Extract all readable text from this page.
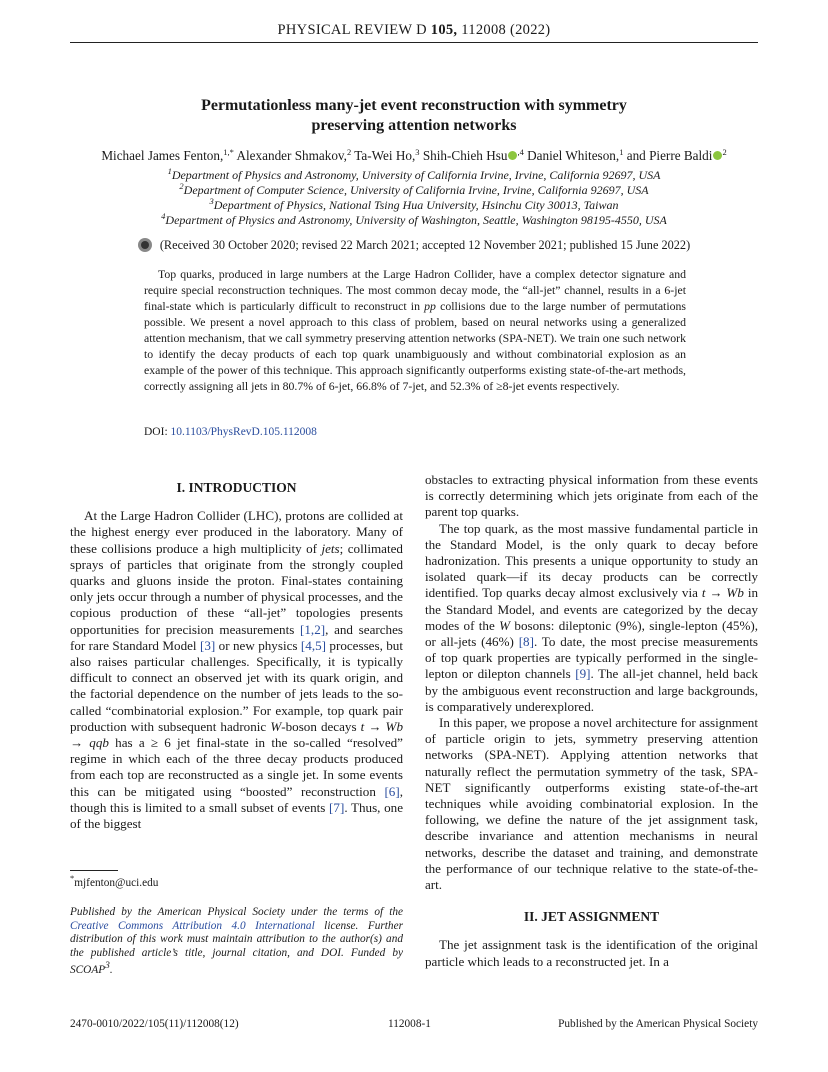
PHYSICAL REVIEW D 105, 112008 (2022)
Permutationless many-jet event reconstruction with symmetry
preserving attention networks
Michael James Fenton,$^{1,*}$ Alexander Shmakov,$^2$ Ta-Wei Ho,$^3$ Shih-Chieh Hsu $^{,4}$ Daniel Whiteson,$^1$ and Pierre Baldi $^2$
$^1$Department of Physics and Astronomy, University of California Irvine, Irvine, California 92697, USA
$^2$Department of Computer Science, University of California Irvine, Irvine, California 92697, USA
$^3$Department of Physics, National Tsing Hua University, Hsinchu City 30013, Taiwan
$^4$Department of Physics and Astronomy, University of Washington, Seattle, Washington 98195-4550, USA
(Received 30 October 2020; revised 22 March 2021; accepted 12 November 2021; published 15 June 2022)

Top quarks, produced in large numbers at the Large Hadron Collider, have a complex detector signature and require special reconstruction techniques. The most common decay mode, the “all-jet” channel, results in a 6-jet final-state which is particularly difficult to reconstruct in pp collisions due to the large number of permutations possible. We present a novel approach to this class of problem, based on neural networks using a generalized attention mechanism, that we call symmetry preserving attention networks (SPA-NET). We train one such network to identify the decay products of each top quark unambiguously and without combinatorial explosion as an example of the power of this technique. This approach significantly outperforms existing state-of-the-art methods, correctly assigning all jets in 80.7% of 6-jet, 66.8% of 7-jet, and 52.3% of ≥8-jet events respectively.

DOI: 10.1103/PhysRevD.105.112008
I. INTRODUCTION

At the Large Hadron Collider (LHC), protons are collided at the highest energy ever produced in the laboratory. Many of these collisions produce a high multiplicity of jets; collimated sprays of particles that originate from the strongly coupled quarks and gluons inside the proton. Final-states containing only jets occur through a number of physical processes, and the copious production of these “all-jet” topologies presents opportunities for precision measurements [1,2], and searches for rare Standard Model [3] or new physics [4,5] processes, but also raises particular challenges. Specifically, it is typically difficult to connect an observed jet with its quark origin, and the factorial dependence on the number of jets leads to the so-called “combinatorial explosion.” For example, top quark pair production with subsequent hadronic W-boson decays t → Wb → qqb has a ≥ 6 jet final-state in the so-called “resolved” regime in which each of the three decay products produced from each top are reconstructed as a single jet. In some events this can be mitigated using “boosted” reconstruction [6], though this is limited to a small subset of events [7]. Thus, one of the biggest

*mjfenton@uci.edu
Published by the American Physical Society under the terms of the Creative Commons Attribution 4.0 International license. Further distribution of this work must maintain attribution to the author(s) and the published article’s title, journal citation, and DOI. Funded by SCOAP$^3$.

obstacles to extracting physical information from these events is correctly determining which jets originate from each of the parent top quarks.

The top quark, as the most massive fundamental particle in the Standard Model, is the only quark to decay before hadronization. This presents a unique opportunity to study an isolated quark—if its decay products can be correctly identified. Top quarks decay almost exclusively via t → Wb in the Standard Model, and events are categorized by the decay modes of the W bosons: dileptonic (9%), single-lepton (45%), or all-jets (46%) [8]. To date, the most precise measurements of top quark properties are typically performed in the single-lepton or dilepton channels [9]. The all-jet channel, held back by the ambiguous event reconstruction and large backgrounds, is comparatively underexplored.

In this paper, we propose a novel architecture for assignment of particle origin to jets, symmetry preserving attention networks (SPA-NET). Applying attention networks that naturally reflect the permutation symmetry of the task, SPA-NET significantly outperforms existing state-of-the-art techniques while avoiding combinatorial explosion. In the following, we define the nature of the jet assignment task, describe invariance and attention mechanisms in neural networks, describe the dataset and training, and demonstrate the performance of our technique relative to the state-of-the-art.

II. JET ASSIGNMENT

The jet assignment task is the identification of the original particle which leads to a reconstructed jet. In a

2470-0010/2022/105(11)/112008(12)	112008-1	Published by the American Physical Society
